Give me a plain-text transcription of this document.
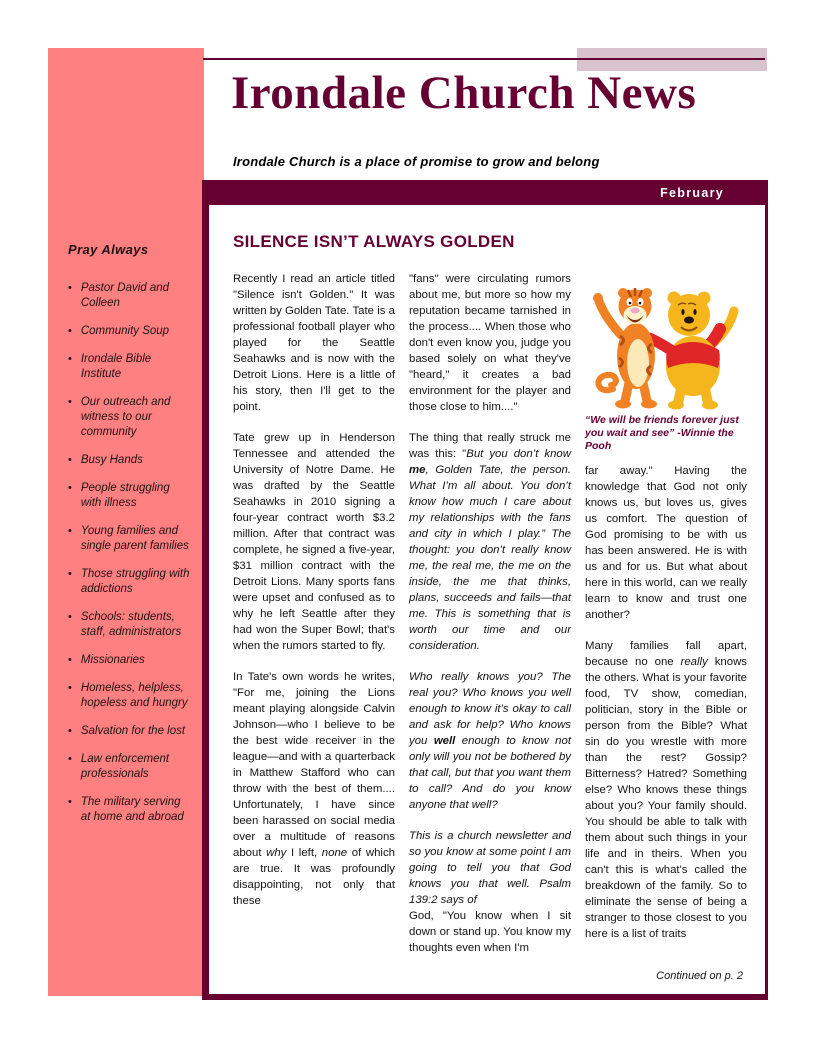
Pray Always
• Pastor David and Colleen
• Community Soup
• Irondale Bible Institute
• Our outreach and witness to our community
• Busy Hands
• People struggling with illness
• Young families and single parent families
• Those struggling with addictions
• Schools: students, staff, administrators
• Missionaries
• Homeless, helpless, hopeless and hungry
• Salvation for the lost
• Law enforcement professionals
• The military serving at home and abroad
Irondale Church News
Irondale Church is a place of promise to grow and belong
February
SILENCE ISN’T ALWAYS GOLDEN

Recently I read an article titled "Silence isn't Golden." It was written by Golden Tate. Tate is a professional football player who played for the Seattle Seahawks and is now with the Detroit Lions. Here is a little of his story, then I'll get to the point.

Tate grew up in Henderson Tennessee and attended the University of Notre Dame. He was drafted by the Seattle Seahawks in 2010 signing a four-year contract worth $3.2 million. After that contract was complete, he signed a five-year, $31 million contract with the Detroit Lions. Many sports fans were upset and confused as to why he left Seattle after they had won the Super Bowl; that's when the rumors started to fly.

In Tate's own words he writes, "For me, joining the Lions meant playing alongside Calvin Johnson—who I believe to be the best wide receiver in the league—and with a quarterback in Matthew Stafford who can throw with the best of them.... Unfortunately, I have since been harassed on social media over a multitude of reasons about why I left, none of which are true. It was profoundly disappointing, not only that these

"fans" were circulating rumors about me, but more so how my reputation became tarnished in the process.... When those who don't even know you, judge you based solely on what they've "heard," it creates a bad environment for the player and those close to him...."

The thing that really struck me was this: "But you don’t know me, Golden Tate, the person. What I’m all about. You don’t know how much I care about my relationships with the fans and city in which I play.” The thought: you don’t really know me, the real me, the me on the inside, the me that thinks, plans, succeeds and fails—that me. This is something that is worth our time and our consideration.

Who really knows you? The real you? Who knows you well enough to know it’s okay to call and ask for help? Who knows you well enough to know not only will you not be bothered by that call, but that you want them to call? And do you know anyone that well?

This is a church newsletter and so you know at some point I am going to tell you that God knows you that well. Psalm 139:2 says of
God, "You know when I sit down or stand up. You know my thoughts even when I'm

“We will be friends forever just you wait and see” -Winnie the Pooh

far away." Having the knowledge that God not only knows us, but loves us, gives us comfort. The question of God promising to be with us has been answered. He is with us and for us. But what about here in this world, can we really learn to know and trust one another?

Many families fall apart, because no one really knows the others. What is your favorite food, TV show, comedian, politician, story in the Bible or person from the Bible? What sin do you wrestle with more than the rest? Gossip? Bitterness? Hatred? Something else? Who knows these things about you? Your family should. You should be able to talk with them about such things in your life and in theirs. When you can't this is what's called the breakdown of the family. So to eliminate the sense of being a stranger to those closest to you here is a list of traits

Continued on p. 2
